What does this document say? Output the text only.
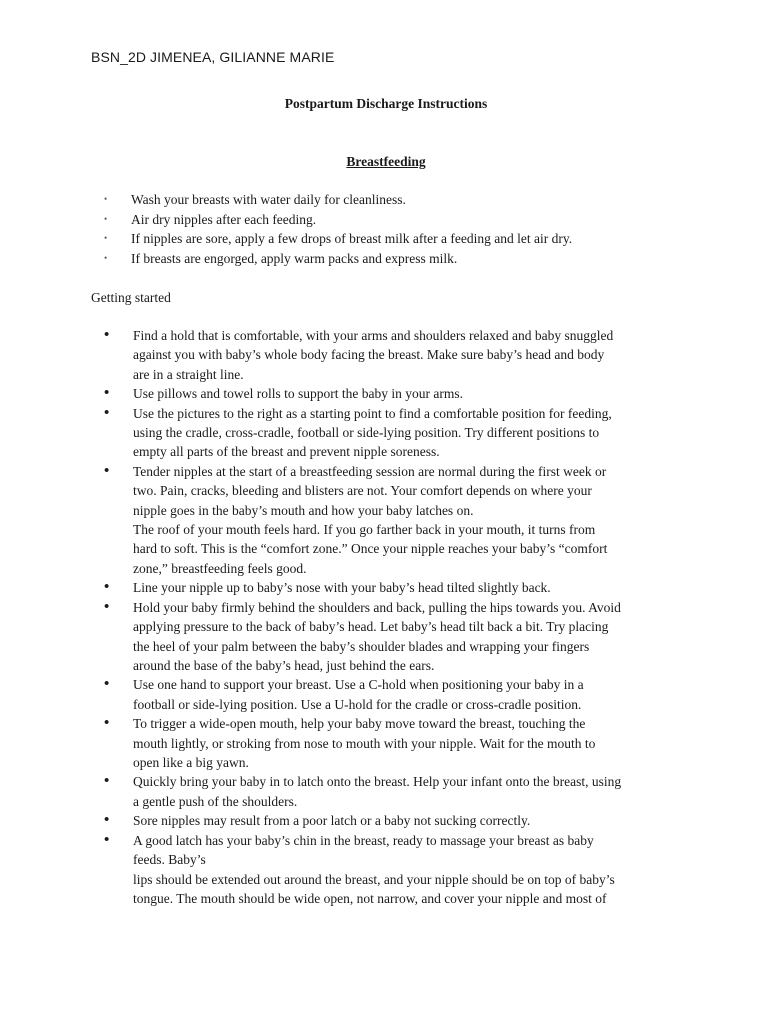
BSN_2D JIMENEA, GILIANNE MARIE
Postpartum Discharge Instructions
Breastfeeding
• Wash your breasts with water daily for cleanliness.
• Air dry nipples after each feeding.
• If nipples are sore, apply a few drops of breast milk after a feeding and let air dry.
• If breasts are engorged, apply warm packs and express milk.
Getting started
• Find a hold that is comfortable, with your arms and shoulders relaxed and baby snuggled
against you with baby’s whole body facing the breast. Make sure baby’s head and body
are in a straight line.
• Use pillows and towel rolls to support the baby in your arms.
• Use the pictures to the right as a starting point to find a comfortable position for feeding,
using the cradle, cross-cradle, football or side-lying position. Try different positions to
empty all parts of the breast and prevent nipple soreness.
• Tender nipples at the start of a breastfeeding session are normal during the first week or
two. Pain, cracks, bleeding and blisters are not. Your comfort depends on where your
nipple goes in the baby’s mouth and how your baby latches on.
The roof of your mouth feels hard. If you go farther back in your mouth, it turns from
hard to soft. This is the “comfort zone.” Once your nipple reaches your baby’s “comfort
zone,” breastfeeding feels good.
• Line your nipple up to baby’s nose with your baby’s head tilted slightly back.
• Hold your baby firmly behind the shoulders and back, pulling the hips towards you. Avoid
applying pressure to the back of baby’s head. Let baby’s head tilt back a bit. Try placing
the heel of your palm between the baby’s shoulder blades and wrapping your fingers
around the base of the baby’s head, just behind the ears.
• Use one hand to support your breast. Use a C-hold when positioning your baby in a
football or side-lying position. Use a U-hold for the cradle or cross-cradle position.
• To trigger a wide-open mouth, help your baby move toward the breast, touching the
mouth lightly, or stroking from nose to mouth with your nipple. Wait for the mouth to
open like a big yawn.
• Quickly bring your baby in to latch onto the breast. Help your infant onto the breast, using
a gentle push of the shoulders.
• Sore nipples may result from a poor latch or a baby not sucking correctly.
• A good latch has your baby’s chin in the breast, ready to massage your breast as baby
feeds. Baby’s
lips should be extended out around the breast, and your nipple should be on top of baby’s
tongue. The mouth should be wide open, not narrow, and cover your nipple and most of
